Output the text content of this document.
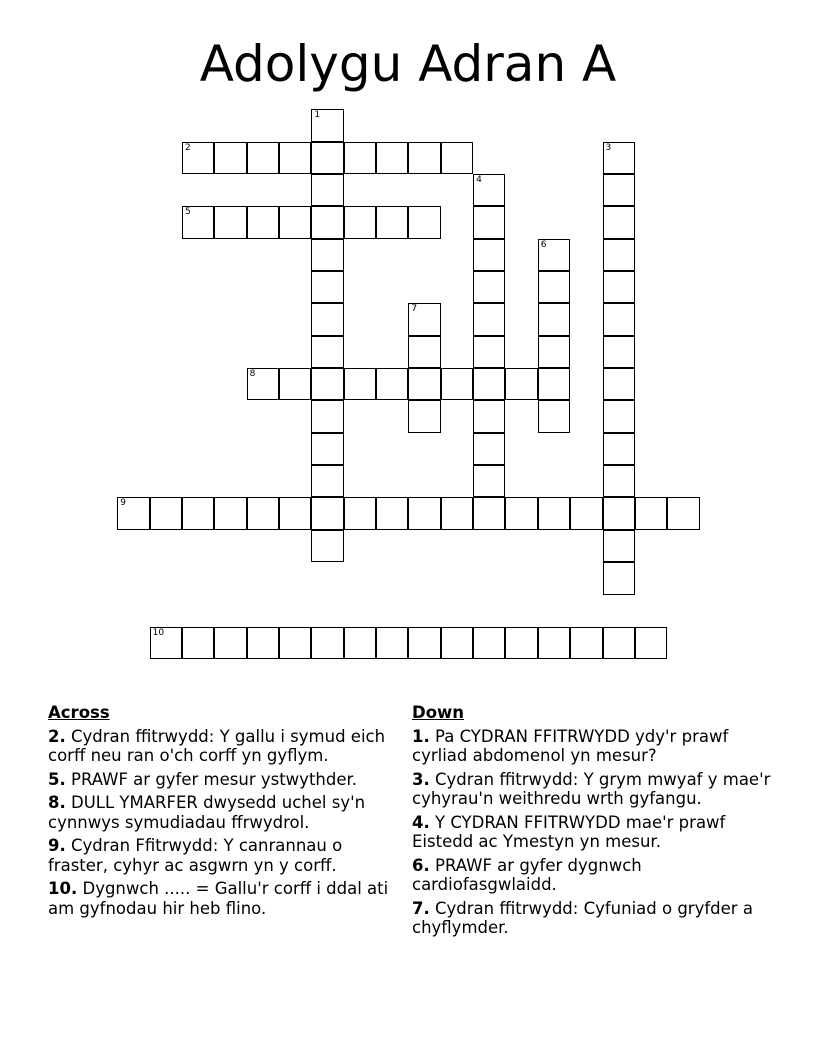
Adolygu Adran A
1
2	3
4
5
6
7
8
9
10
Across
2. Cydran ffitrwydd: Y gallu i symud eich corff neu ran o'ch corff yn gyflym.
5. PRAWF ar gyfer mesur ystwythder.
8. DULL YMARFER dwysedd uchel sy'n cynnwys symudiadau ffrwydrol.
9. Cydran Ffitrwydd: Y canrannau o fraster, cyhyr ac asgwrn yn y corff.
10. Dygnwch ..... = Gallu'r corff i ddal ati am gyfnodau hir heb flino.
Down
1. Pa CYDRAN FFITRWYDD ydy'r prawf cyrliad abdomenol yn mesur?
3. Cydran ffitrwydd: Y grym mwyaf y mae'r cyhyrau'n weithredu wrth gyfangu.
4. Y CYDRAN FFITRWYDD mae'r prawf Eistedd ac Ymestyn yn mesur.
6. PRAWF ar gyfer dygnwch cardiofasgwlaidd.
7. Cydran ffitrwydd: Cyfuniad o gryfder a chyflymder.
